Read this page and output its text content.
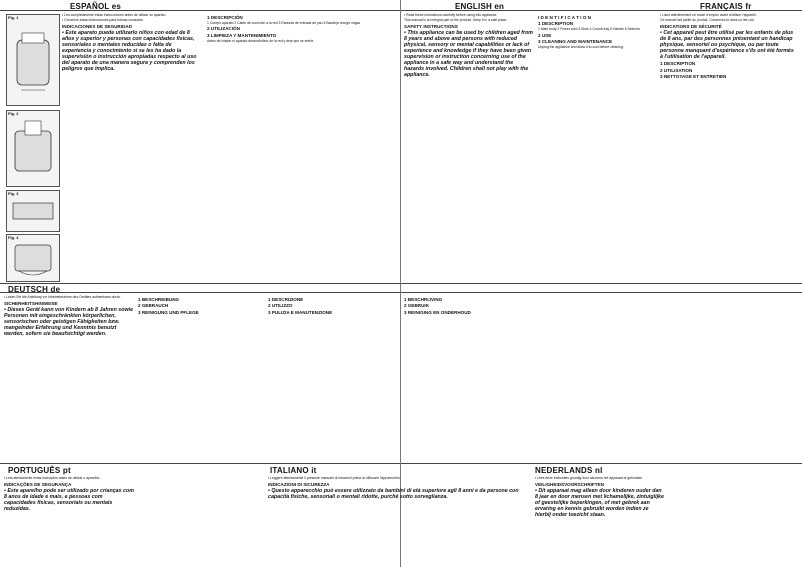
ESPAÑOL es
Fig. 1
Fig. 2
Fig. 3
Fig. 4

• Lea completamente estas instrucciones antes de utilizar su aparato.

• Conserve estas instrucciones para futuras consultas.

INDICACIONES DE SEGURIDAD

• Este aparato puede utilizarlo niños con edad de 8 años y superior y personas con capacidades físicas, sensoriales o mentales reducidas o falta de experiencia y conocimiento si se les ha dado la supervisión o instrucción apropiadas respecto al uso del aparato de una manera segura y comprenden los peligros que implica.

1 DESCRIPCIÓN

1 Cuerpo aparato 2 Cable de conexión a la red 3 Ranuras de entrada de pan 4 Bandeja recoge migas

2 UTILIZACIÓN
3 LIMPIEZA Y MANTENIMIENTO

Antes de limpiar el aparato desenchúfelo de la red y deje que se enfríe.

ENGLISH en	FRANÇAIS fr

• Read these instructions carefully before using this appliance.

This manual is an integral part of the product. Keep it in a safe place.

SAFETY INSTRUCTIONS

• This appliance can be used by children aged from 8 years and above and persons with reduced physical, sensory or mental capabilities or lack of experience and knowledge if they have been given supervision or instruction concerning use of the appliance in a safe way and understand the hazards involved. Children shall not play with the appliance.

I D E N T I F I C A T I O N
1 DESCRIPTION

1 Main body 2 Power cord 3 Slots 4 Crumb tray 5 Handle 6 Selector

2 USE
3 CLEANING AND MAINTENANCE

Unplug the appliance and allow it to cool before cleaning.

• Lisez attentivement ce mode d'emploi avant d'utiliser l'appareil.

Ce manuel fait partie du produit. Conservez-le dans un lieu sûr.

INDICATIONS DE SÉCURITÉ

• Cet appareil peut être utilisé par les enfants de plus de 8 ans, par des personnes présentant un handicap physique, sensoriel ou psychique, ou par toute personne manquant d'expérience s'ils ont été formés à l'utilisation de l'appareil.

1 DESCRIPTION
2 UTILISATION
3 NETTOYAGE ET ENTRETIEN
DEUTSCH de

• Lesen Sie die Anleitung vor Inbetriebnahme des Gerätes aufmerksam durch.

SICHERHEITSHINWEISE

• Dieses Gerät kann von Kindern ab 8 Jahren sowie Personen mit eingeschränkten körperlichen, sensorischen oder geistigen Fähigkeiten bzw. mangelnder Erfahrung und Kenntnis benutzt werden, sofern sie beaufsichtigt werden.

1 BESCHREIBUNG
2 GEBRAUCH
3 REINIGUNG UND PFLEGE
PORTUGUÊS pt

• Leia atentamente estas instruções antes de utilizar o aparelho.

INDICAÇÕES DE SEGURANÇA

• Este aparelho pode ser utilizado por crianças com 8 anos de idade e mais, e pessoas com capacidades físicas, sensoriais ou mentais reduzidas.

ITALIANO it
1 DESCRIZIONE
2 UTILIZZO
3 PULIZIA E MANUTENZIONE

• Leggere attentamente il presente manuale di istruzioni prima di utilizzare l'apparecchio.

INDICAZIONI DI SICUREZZA

• Questo apparecchio può essere utilizzato da bambini di età superiore agli 8 anni e da persone con capacità fisiche, sensoriali o mentali ridotte, purché sotto sorveglianza.

NEDERLANDS nl
1 BESCHRIJVING
2 GEBRUIK
3 REINIGING EN ONDERHOUD

• Lees deze instructies grondig door alvorens het apparaat te gebruiken.

VEILIGHEIDSVOORSCHRIFTEN

• Dit apparaat mag alleen door kinderen ouder dan 8 jaar en door mensen met lichamelijke, zintuiglijke of geestelijke beperkingen, of met gebrek aan ervaring en kennis gebruikt worden indien ze hierbij onder toezicht staan.
